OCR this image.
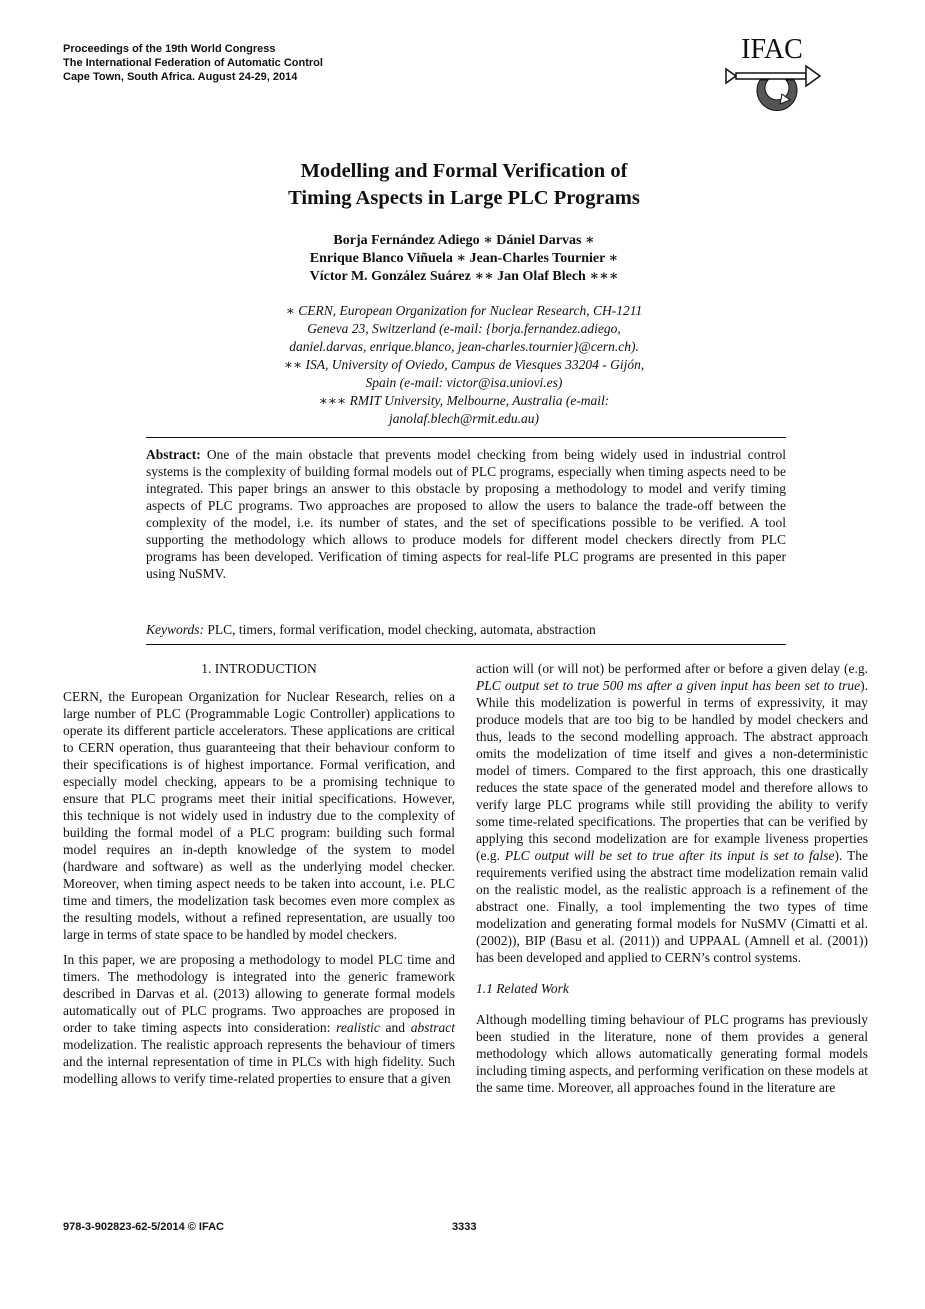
Proceedings of the 19th World Congress
The International Federation of Automatic Control
Cape Town, South Africa. August 24-29, 2014
IFAC
Modelling and Formal Verification of
Timing Aspects in Large PLC Programs
Borja Fernández Adiego ∗ Dániel Darvas ∗
Enrique Blanco Viñuela ∗ Jean-Charles Tournier ∗
Víctor M. González Suárez ∗∗ Jan Olaf Blech ∗∗∗
∗ CERN, European Organization for Nuclear Research, CH-1211
Geneva 23, Switzerland (e-mail: {borja.fernandez.adiego,
daniel.darvas, enrique.blanco, jean-charles.tournier}@cern.ch).
∗∗ ISA, University of Oviedo, Campus de Viesques 33204 - Gijón,
Spain (e-mail: victor@isa.uniovi.es)
∗∗∗ RMIT University, Melbourne, Australia (e-mail:
janolaf.blech@rmit.edu.au)
Abstract: One of the main obstacle that prevents model checking from being widely used in industrial control systems is the complexity of building formal models out of PLC programs, especially when timing aspects need to be integrated. This paper brings an answer to this obstacle by proposing a methodology to model and verify timing aspects of PLC programs. Two approaches are proposed to allow the users to balance the trade-off between the complexity of the model, i.e. its number of states, and the set of specifications possible to be verified. A tool supporting the methodology which allows to produce models for different model checkers directly from PLC programs has been developed. Verification of timing aspects for real-life PLC programs are presented in this paper using NuSMV.
Keywords: PLC, timers, formal verification, model checking, automata, abstraction
1. INTRODUCTION

CERN, the European Organization for Nuclear Research, relies on a large number of PLC (Programmable Logic Controller) applications to operate its different particle accelerators. These applications are critical to CERN operation, thus guaranteeing that their behaviour conform to their specifications is of highest importance. Formal verification, and especially model checking, appears to be a promising technique to ensure that PLC programs meet their initial specifications. However, this technique is not widely used in industry due to the complexity of building the formal model of a PLC program: building such formal model requires an in-depth knowledge of the system to model (hardware and software) as well as the underlying model checker. Moreover, when timing aspect needs to be taken into account, i.e. PLC time and timers, the modelization task becomes even more complex as the resulting models, without a refined representation, are usually too large in terms of state space to be handled by model checkers.

In this paper, we are proposing a methodology to model PLC time and timers. The methodology is integrated into the generic framework described in Darvas et al. (2013) allowing to generate formal models automatically out of PLC programs. Two approaches are proposed in order to take timing aspects into consideration: realistic and abstract modelization. The realistic approach represents the behaviour of timers and the internal representation of time in PLCs with high fidelity. Such modelling allows to verify time-related properties to ensure that a given

action will (or will not) be performed after or before a given delay (e.g. PLC output set to true 500 ms after a given input has been set to true). While this modelization is powerful in terms of expressivity, it may produce models that are too big to be handled by model checkers and thus, leads to the second modelling approach. The abstract approach omits the modelization of time itself and gives a non-deterministic model of timers. Compared to the first approach, this one drastically reduces the state space of the generated model and therefore allows to verify large PLC programs while still providing the ability to verify some time-related specifications. The properties that can be verified by applying this second modelization are for example liveness properties (e.g. PLC output will be set to true after its input is set to false). The requirements verified using the abstract time modelization remain valid on the realistic model, as the realistic approach is a refinement of the abstract one. Finally, a tool implementing the two types of time modelization and generating formal models for NuSMV (Cimatti et al. (2002)), BIP (Basu et al. (2011)) and UPPAAL (Amnell et al. (2001)) has been developed and applied to CERN’s control systems.

1.1 Related Work

Although modelling timing behaviour of PLC programs has previously been studied in the literature, none of them provides a general methodology which allows automatically generating formal models including timing aspects, and performing verification on these models at the same time. Moreover, all approaches found in the literature are

978-3-902823-62-5/2014 © IFAC	3333
